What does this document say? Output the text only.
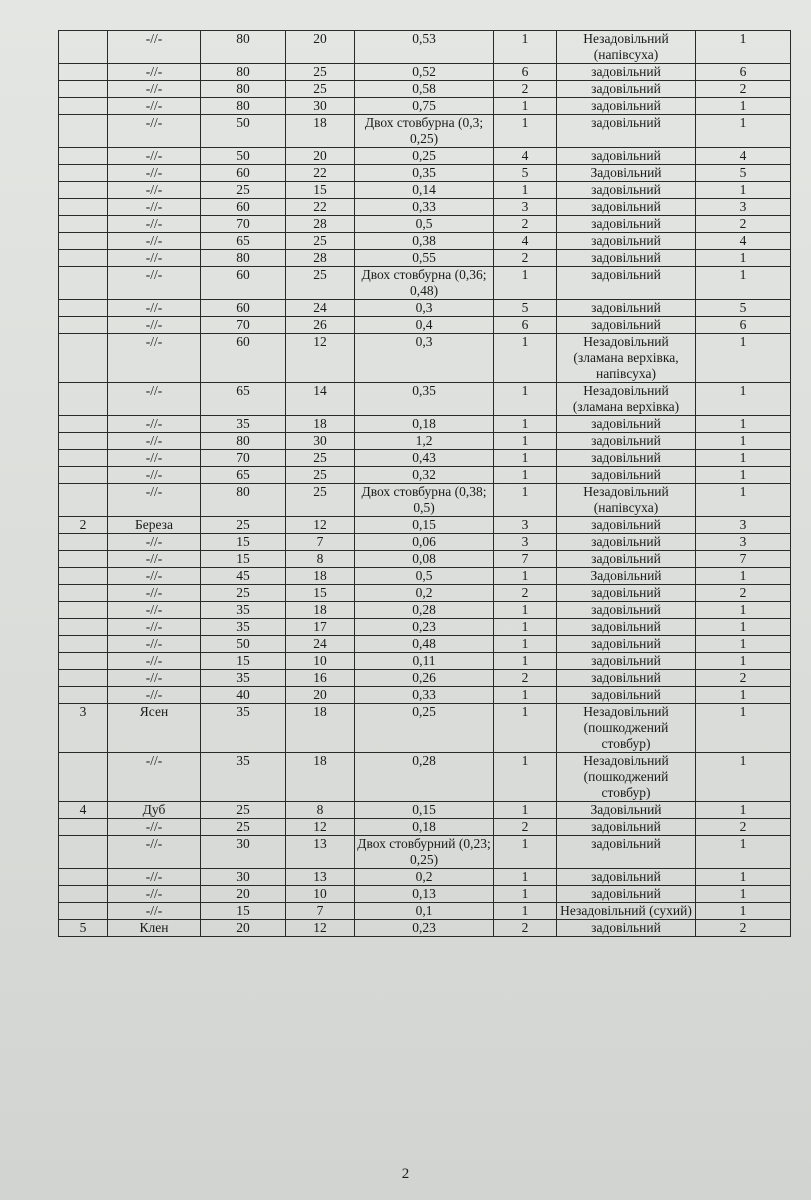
	-//-	80	20	0,53	1	Незадовільний (напівсуха)	1
	-//-	80	25	0,52	6	задовільний	6
	-//-	80	25	0,58	2	задовільний	2
	-//-	80	30	0,75	1	задовільний	1
	-//-	50	18	Двох стовбурна (0,3; 0,25)	1	задовільний	1
	-//-	50	20	0,25	4	задовільний	4
	-//-	60	22	0,35	5	Задовільний	5
	-//-	25	15	0,14	1	задовільний	1
	-//-	60	22	0,33	3	задовільний	3
	-//-	70	28	0,5	2	задовільний	2
	-//-	65	25	0,38	4	задовільний	4
	-//-	80	28	0,55	2	задовільний	1
	-//-	60	25	Двох стовбурна (0,36; 0,48)	1	задовільний	1
	-//-	60	24	0,3	5	задовільний	5
	-//-	70	26	0,4	6	задовільний	6
	-//-	60	12	0,3	1	Незадовільний (зламана верхівка, напівсуха)	1
	-//-	65	14	0,35	1	Незадовільний (зламана верхівка)	1
	-//-	35	18	0,18	1	задовільний	1
	-//-	80	30	1,2	1	задовільний	1
	-//-	70	25	0,43	1	задовільний	1
	-//-	65	25	0,32	1	задовільний	1
	-//-	80	25	Двох стовбурна (0,38; 0,5)	1	Незадовільний (напівсуха)	1
2	Береза	25	12	0,15	3	задовільний	3
	-//-	15	7	0,06	3	задовільний	3
	-//-	15	8	0,08	7	задовільний	7
	-//-	45	18	0,5	1	Задовільний	1
	-//-	25	15	0,2	2	задовільний	2
	-//-	35	18	0,28	1	задовільний	1
	-//-	35	17	0,23	1	задовільний	1
	-//-	50	24	0,48	1	задовільний	1
	-//-	15	10	0,11	1	задовільний	1
	-//-	35	16	0,26	2	задовільний	2
	-//-	40	20	0,33	1	задовільний	1
3	Ясен	35	18	0,25	1	Незадовільний (пошкоджений стовбур)	1
	-//-	35	18	0,28	1	Незадовільний (пошкоджений стовбур)	1
4	Дуб	25	8	0,15	1	Задовільний	1
	-//-	25	12	0,18	2	задовільний	2
	-//-	30	13	Двох стовбурний (0,23; 0,25)	1	задовільний	1
	-//-	30	13	0,2	1	задовільний	1
	-//-	20	10	0,13	1	задовільний	1
	-//-	15	7	0,1	1	Незадовільний (сухий)	1
5	Клен	20	12	0,23	2	задовільний	2
2
